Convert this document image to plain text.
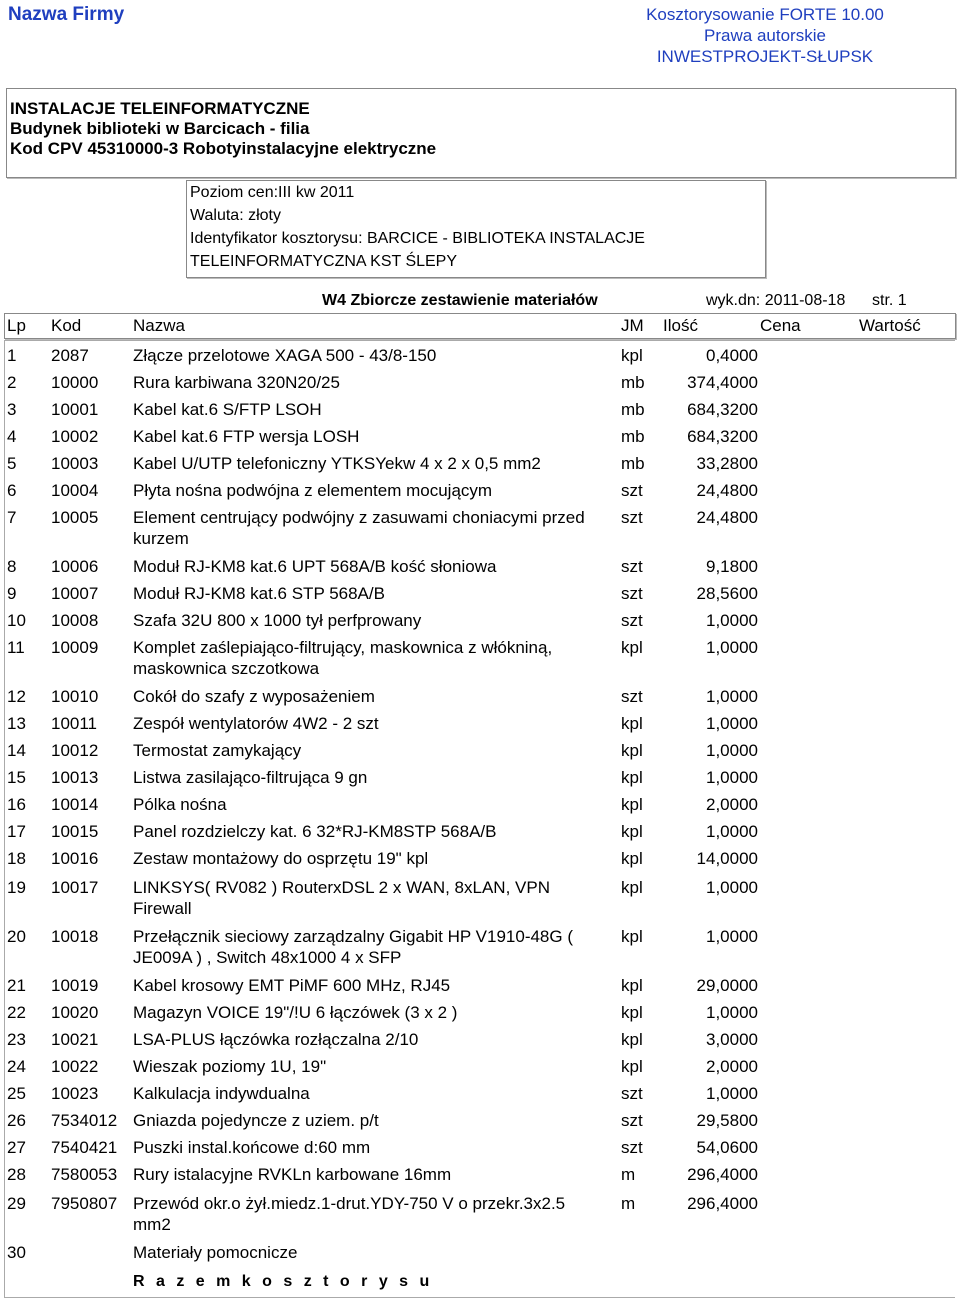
Nazwa Firmy	Kosztorysowanie FORTE 10.00
Prawa autorskie
INWESTPROJEKT-SŁUPSK
INSTALACJE TELEINFORMATYCZNE
Budynek biblioteki w Barcicach - filia
Kod CPV 45310000-3 Robotyinstalacyjne elektryczne
Poziom cen:III kw 2011
Waluta: złoty
Identyfikator kosztorysu: BARCICE - BIBLIOTEKA INSTALACJE
TELEINFORMATYCZNA KST ŚLEPY
W4 Zbiorcze zestawienie materiałów	wyk.dn: 2011-08-18 str. 1
Lp Kod	Nazwa	JM Ilość	Cena	Wartość
1 2087	Złącze przelotowe XAGA 500 - 43/8-150	kpl	0,4000
2 10000 Rura karbiwana 320N20/25	mb	374,4000
3 10001 Kabel kat.6 S/FTP LSOH	mb	684,3200
4 10002 Kabel kat.6 FTP wersja LOSH	mb	684,3200
5 10003 Kabel U/UTP telefoniczny YTKSYekw 4 x 2 x 0,5 mm2	mb	33,2800
6 10004 Płyta nośna podwójna z elementem mocującym	szt	24,4800
7 10005 Element centrujący podwójny z zasuwami choniacymi przed
kurzem
szt	24,4800
8 10006 Moduł RJ-KM8 kat.6 UPT 568A/B kość słoniowa	szt	9,1800
9 10007 Moduł RJ-KM8 kat.6 STP 568A/B	szt	28,5600
10 10008 Szafa 32U 800 x 1000 tył perfprowany	szt	1,0000
11 10009 Komplet zaślepiająco-filtrujący, maskownica z włókniną,
maskownica szczotkowa
kpl	1,0000
12 10010 Cokół do szafy z wyposażeniem	szt	1,0000
13 10011 Zespół wentylatorów 4W2 - 2 szt	kpl	1,0000
14 10012 Termostat zamykający	kpl	1,0000
15 10013 Listwa zasilająco-filtrująca 9 gn	kpl	1,0000
16 10014 Pólka nośna	kpl	2,0000
17 10015 Panel rozdzielczy kat. 6 32*RJ-KM8STP 568A/B	kpl	1,0000
18 10016 Zestaw montażowy do osprzętu 19" kpl	kpl	14,0000
19 10017 LINKSYS( RV082 ) RouterxDSL 2 x WAN, 8xLAN, VPN
Firewall
kpl	1,0000
20 10018 Przełącznik sieciowy zarządzalny Gigabit HP V1910-48G (
JE009A ) , Switch 48x1000 4 x SFP
kpl	1,0000
21 10019 Kabel krosowy EMT PiMF 600 MHz, RJ45	kpl	29,0000
22 10020 Magazyn VOICE 19"/!U 6 łączówek (3 x 2 )	kpl	1,0000
23 10021 LSA-PLUS łączówka rozłączalna 2/10	kpl	3,0000
24 10022 Wieszak poziomy 1U, 19"	kpl	2,0000
25 10023 Kalkulacja indywdualna	szt	1,0000
26 7534012 Gniazda pojedyncze z uziem. p/t	szt	29,5800
27 7540421 Puszki instal.końcowe d:60 mm	szt	54,0600
28 7580053 Rury istalacyjne RVKLn karbowane 16mm	m	296,4000
29 7950807 Przewód okr.o żył.miedz.1-drut.YDY-750 V o przekr.3x2.5
mm2
m	296,4000
30	Materiały pomocnicze
R a z e m k o s z t o r y s u
